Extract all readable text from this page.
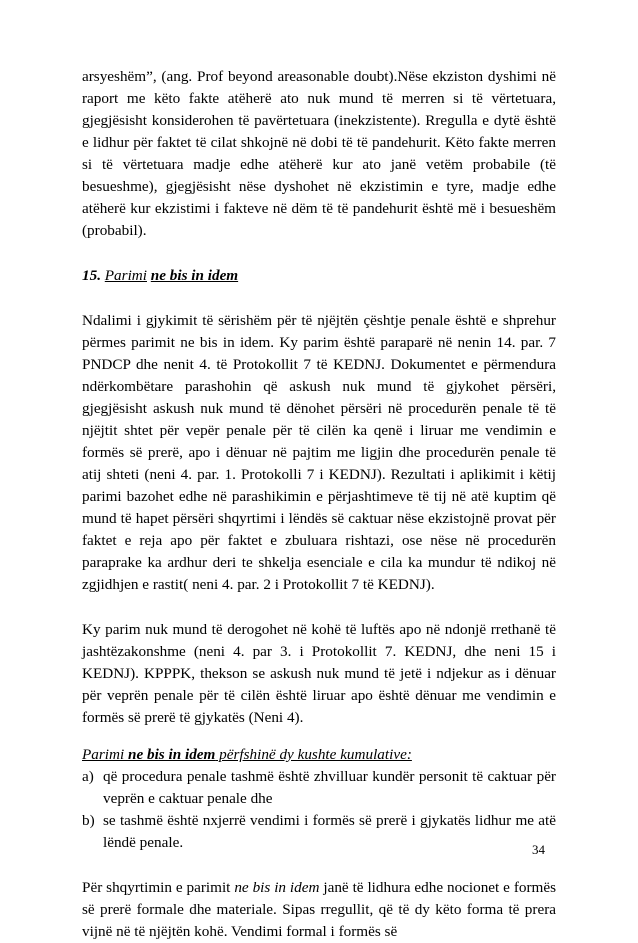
arsyeshëm”, (ang. Prof beyond areasonable doubt).Nëse ekziston dyshimi në raport me këto fakte atëherë ato nuk mund të merren si të vërtetuara, gjegjësisht konsiderohen të pavërtetuara (inekzistente). Rregulla e dytë është e lidhur për faktet të cilat shkojnë në dobi të të pandehurit. Këto fakte merren si të vërtetuara madje edhe atëherë kur ato janë vetëm probabile (të besueshme), gjegjësisht nëse dyshohet në ekzistimin e tyre, madje edhe atëherë kur ekzistimi i fakteve në dëm të të pandehurit është më i besueshëm (probabil).

15. Parimi ne bis in idem

Ndalimi i gjykimit të sërishëm për të njëjtën çështje penale është e shprehur përmes parimit ne bis in idem. Ky parim është paraparë në nenin 14. par. 7 PNDCP dhe nenit 4. të Protokollit 7 të KEDNJ. Dokumentet e përmendura ndërkombëtare parashohin që askush nuk mund të gjykohet përsëri, gjegjësisht askush nuk mund të dënohet përsëri në procedurën penale të të njëjtit shtet për vepër penale për të cilën ka qenë i liruar me vendimin e formës së prerë, apo i dënuar në pajtim me ligjin dhe procedurën penale të atij shteti (neni 4. par. 1. Protokolli 7 i KEDNJ). Rezultati i aplikimit i këtij parimi bazohet edhe në parashikimin e përjashtimeve të tij në atë kuptim që mund të hapet përsëri shqyrtimi i lëndës së caktuar nëse ekzistojnë provat për faktet e reja apo për faktet e zbuluara rishtazi, ose nëse në procedurën paraprake ka ardhur deri te shkelja esenciale e cila ka mundur të ndikoj në zgjidhjen e rastit( neni 4. par. 2 i Protokollit 7 të KEDNJ).

Ky parim nuk mund të derogohet në kohë të luftës apo në ndonjë rrethanë të jashtëzakonshme (neni 4. par 3. i Protokollit 7. KEDNJ, dhe neni 15 i KEDNJ). KPPPK, thekson se askush nuk mund të jetë i ndjekur as i dënuar për veprën penale për të cilën është liruar apo është dënuar me vendimin e formës së prerë të gjykatës (Neni 4).

Parimi ne bis in idem përfshinë dy kushte kumulative:

a) që procedura penale tashmë është zhvilluar kundër personit të caktuar për veprën e caktuar penale dhe
b) se tashmë është nxjerrë vendimi i formës së prerë i gjykatës lidhur me atë lëndë penale.

Për shqyrtimin e parimit ne bis in idem janë të lidhura edhe nocionet e formës së prerë formale dhe materiale. Sipas rregullit, që të dy këto forma të prera vijnë në të njëjtën kohë. Vendimi formal i formës së

34
